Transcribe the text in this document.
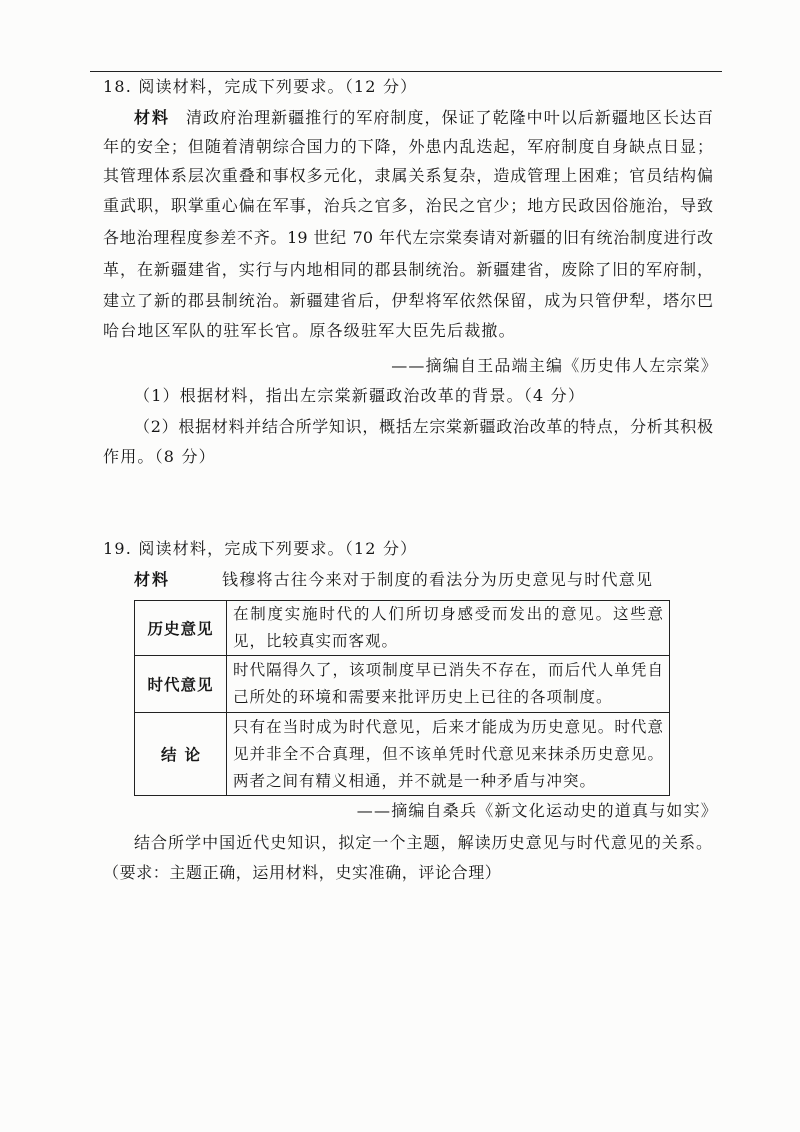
18. 阅读材料，完成下列要求。（12 分）
材料 清政府治理新疆推行的军府制度，保证了乾隆中叶以后新疆地区长达百
年的安全；但随着清朝综合国力的下降，外患内乱迭起，军府制度自身缺点日显；
其管理体系层次重叠和事权多元化，隶属关系复杂，造成管理上困难；官员结构偏
重武职，职掌重心偏在军事，治兵之官多，治民之官少；地方民政因俗施治，导致
各地治理程度参差不齐。19 世纪 70 年代左宗棠奏请对新疆的旧有统治制度进行改
革，在新疆建省，实行与内地相同的郡县制统治。新疆建省，废除了旧的军府制，
建立了新的郡县制统治。新疆建省后，伊犁将军依然保留，成为只管伊犁，塔尔巴
哈台地区军队的驻军长官。原各级驻军大臣先后裁撤。
——摘编自王品端主编《历史伟人左宗棠》
（1）根据材料，指出左宗棠新疆政治改革的背景。（4 分）
（2）根据材料并结合所学知识，概括左宗棠新疆政治改革的特点，分析其积极
作用。（8 分）
19. 阅读材料，完成下列要求。（12 分）
材料	钱穆将古往今来对于制度的看法分为历史意见与时代意见
历史意见	在制度实施时代的人们所切身感受而发出的意见。这些意
见，比较真实而客观。

时代意见	时代隔得久了，该项制度早已消失不存在，而后代人单凭自
己所处的环境和需要来批评历史上已往的各项制度。

结论	只有在当时成为时代意见，后来才能成为历史意见。时代意
见并非全不合真理，但不该单凭时代意见来抹杀历史意见。
两者之间有精义相通，并不就是一种矛盾与冲突。
——摘编自桑兵《新文化运动史的道真与如实》
结合所学中国近代史知识，拟定一个主题，解读历史意见与时代意见的关系。
（要求：主题正确，运用材料，史实准确，评论合理）
